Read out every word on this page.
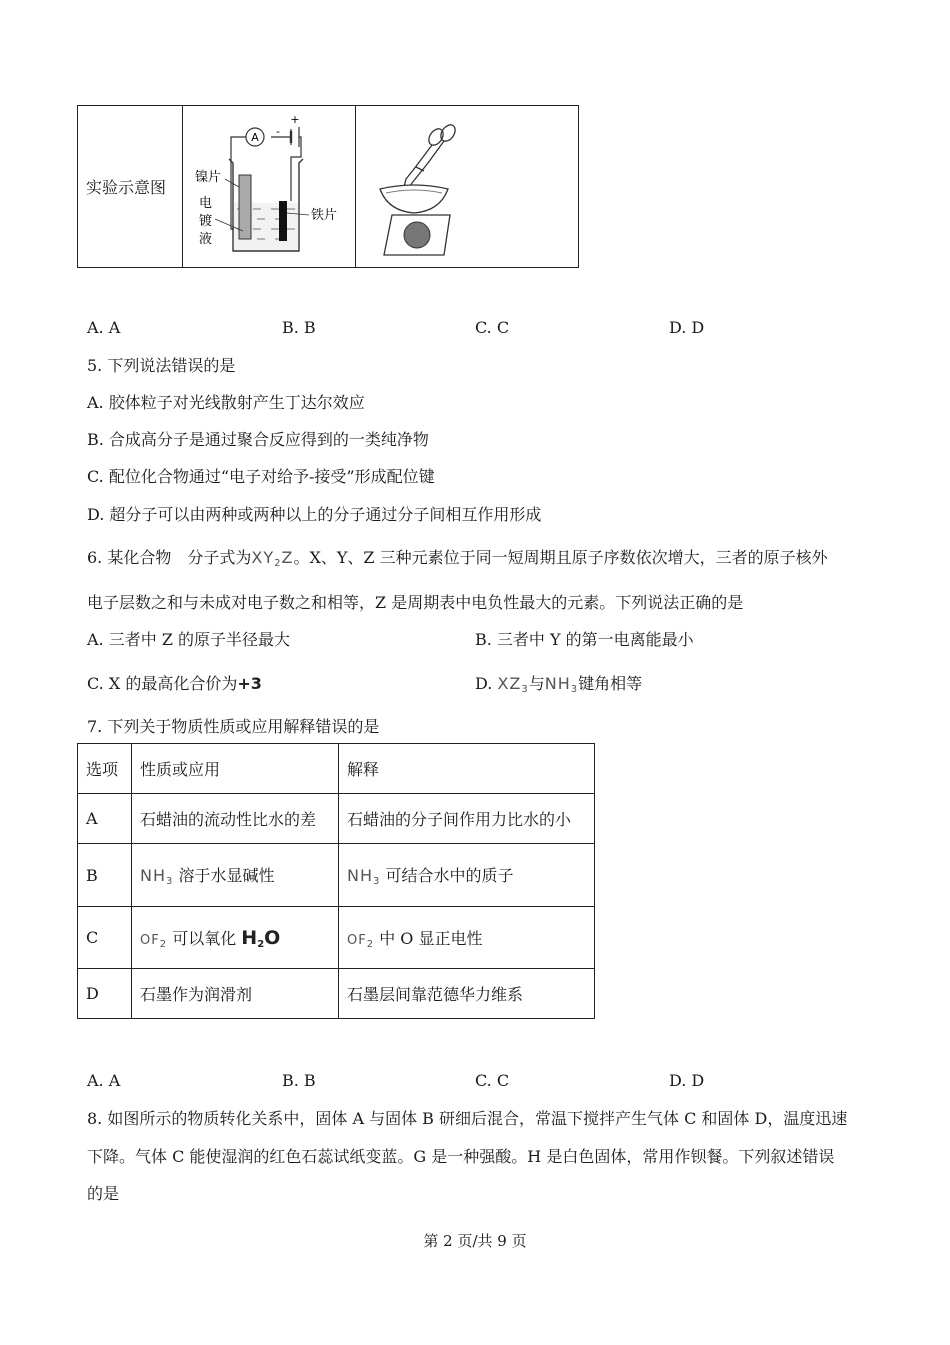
实验示意图	
A -
+
镍片
电
镀
液
铁片

A. A	B. B	C. C	D. D
5. 下列说法错误的是
A. 胶体粒子对光线散射产生丁达尔效应
B. 合成高分子是通过聚合反应得到的一类纯净物
C. 配位化合物通过“电子对给予-接受”形成配位键
D. 超分子可以由两种或两种以上的分子通过分子间相互作用形成
6. 某化合物　分子式为$XY_2Z$。X、Y、Z 三种元素位于同一短周期且原子序数依次增大，三者的原子核外
电子层数之和与未成对电子数之和相等，Z 是周期表中电负性最大的元素。下列说法正确的是
A. 三者中 Z 的原子半径最大	B. 三者中 Y 的第一电离能最小
C. X 的最高化合价为+3	D. $XZ_3$与$NH_3$键角相等
7. 下列关于物质性质或应用解释错误的是
选项	性质或应用	解释
A	石蜡油的流动性比水的差	石蜡油的分子间作用力比水的小
B	$NH_3$ 溶于水显碱性	$NH_3$ 可结合水中的质子
C	$OF_2$ 可以氧化 $H_2O$	$OF_2$ 中 O 显正电性
D	石墨作为润滑剂	石墨层间靠范德华力维系
A. A	B. B	C. C	D. D
8. 如图所示的物质转化关系中，固体 A 与固体 B 研细后混合，常温下搅拌产生气体 C 和固体 D，温度迅速
下降。气体 C 能使湿润的红色石蕊试纸变蓝。G 是一种强酸。H 是白色固体，常用作钡餐。下列叙述错误
的是
第 2 页/共 9 页
